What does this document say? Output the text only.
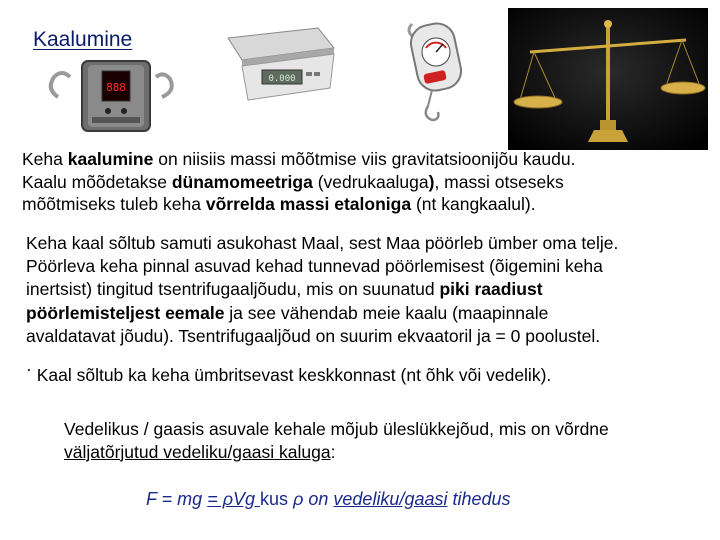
Kaalumine
888
0.000
Keha kaalumine on niisiis massi mõõtmise viis gravitatsioonijõu kaudu.
Kaalu mõõdetakse dünamomeetriga (vedrukaaluga), massi otseseks
mõõtmiseks tuleb keha võrrelda massi etaloniga (nt kangkaalul).
Keha kaal sõltub samuti asukohast Maal, sest Maa pöörleb ümber oma telje.
Pöörleva keha pinnal asuvad kehad tunnevad pöörlemisest (õigemini keha
inertsist) tingitud tsentrifugaaljõudu, mis on suunatud piki raadiust
pöörlemisteljest eemale ja see vähendab meie kaalu (maapinnale
avaldatavat jõudu). Tsentrifugaaljõud on suurim ekvaatoril ja = 0 poolustel.
· Kaal sõltub ka keha ümbritsevast keskkonnast (nt õhk või vedelik).
Vedelikus / gaasis asuvale kehale mõjub üleslükkejõud, mis on võrdne
väljatõrjutud vedeliku/gaasi kaluga:
F = mg = ρVg kus ρ on vedeliku/gaasi tihedus
